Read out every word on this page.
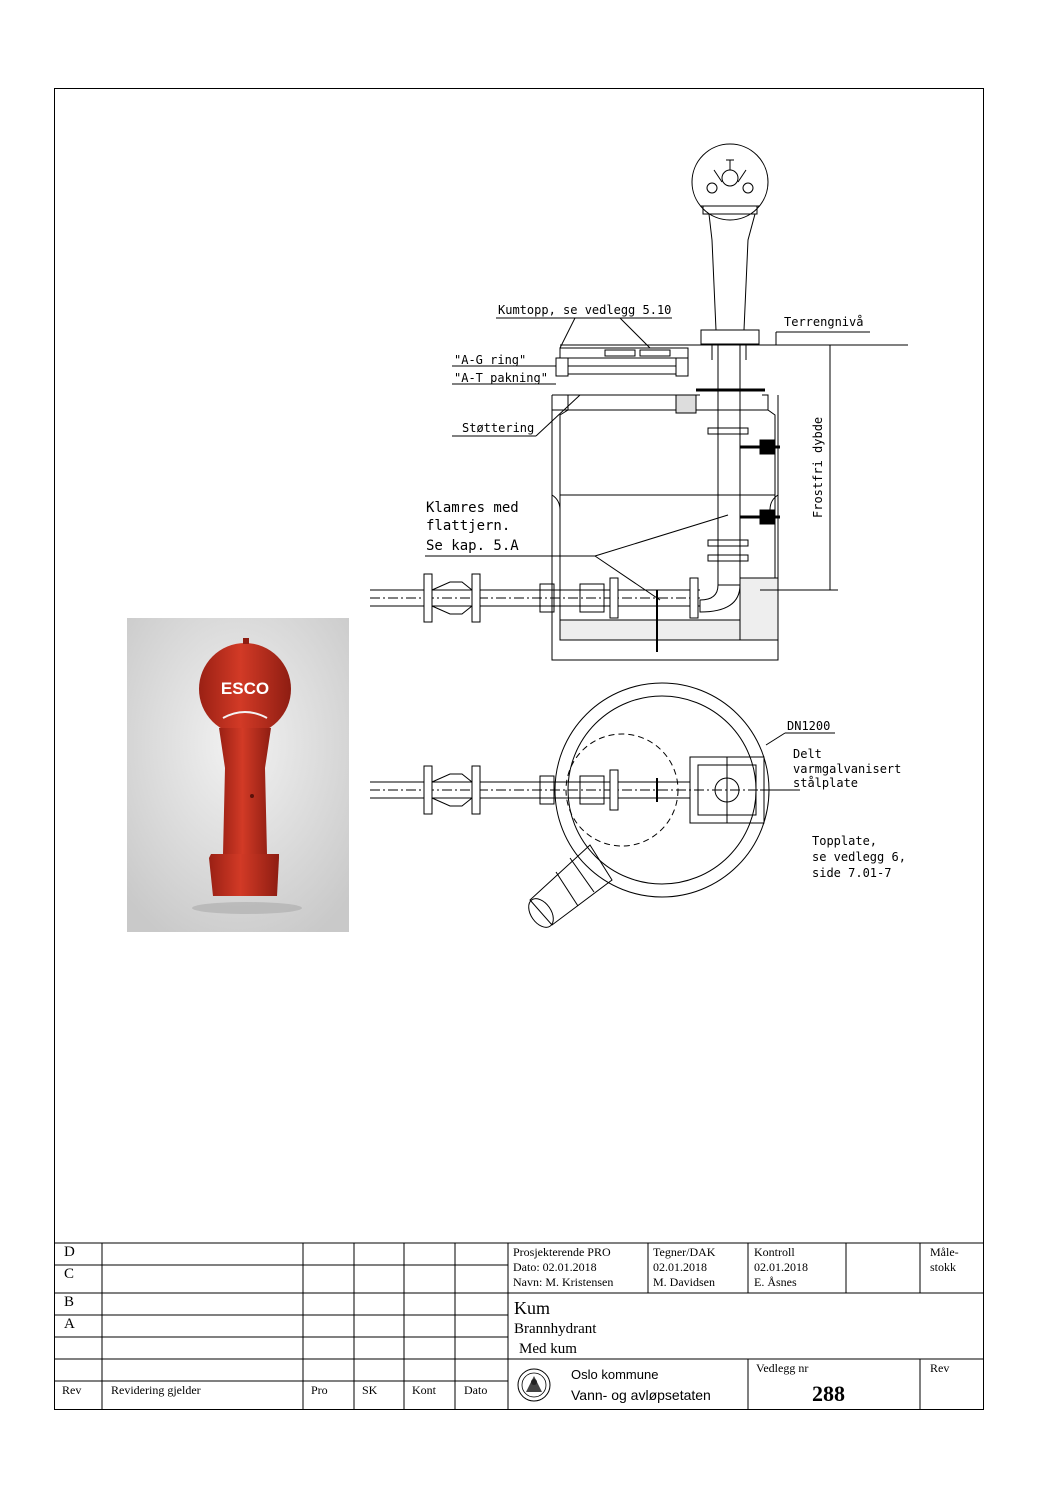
Kumtopp, se vedlegg 5.10
Terrengnivå
"A-G ring"
"A-T pakning"
Støttering
Klamres med
flattjern.
Se kap. 5.A
Frostfri dybde
DN1200
Delt
varmgalvanisert
stålplate
Topplate,
se vedlegg 6,
side 7.01-7
ESCO
D
C
B
A
Rev Revidering gjelder	Pro	SK	Kont Dato
Prosjekterende PRO
Dato: 02.01.2018
Navn: M. Kristensen
Tegner/DAK
02.01.2018
M. Davidsen
Kontroll
02.01.2018
E. Åsnes
Måle-
stokk
Kum
Brannhydrant
Med kum
Oslo kommune
Vann- og avløpsetaten
Vedlegg nr
288
Rev
